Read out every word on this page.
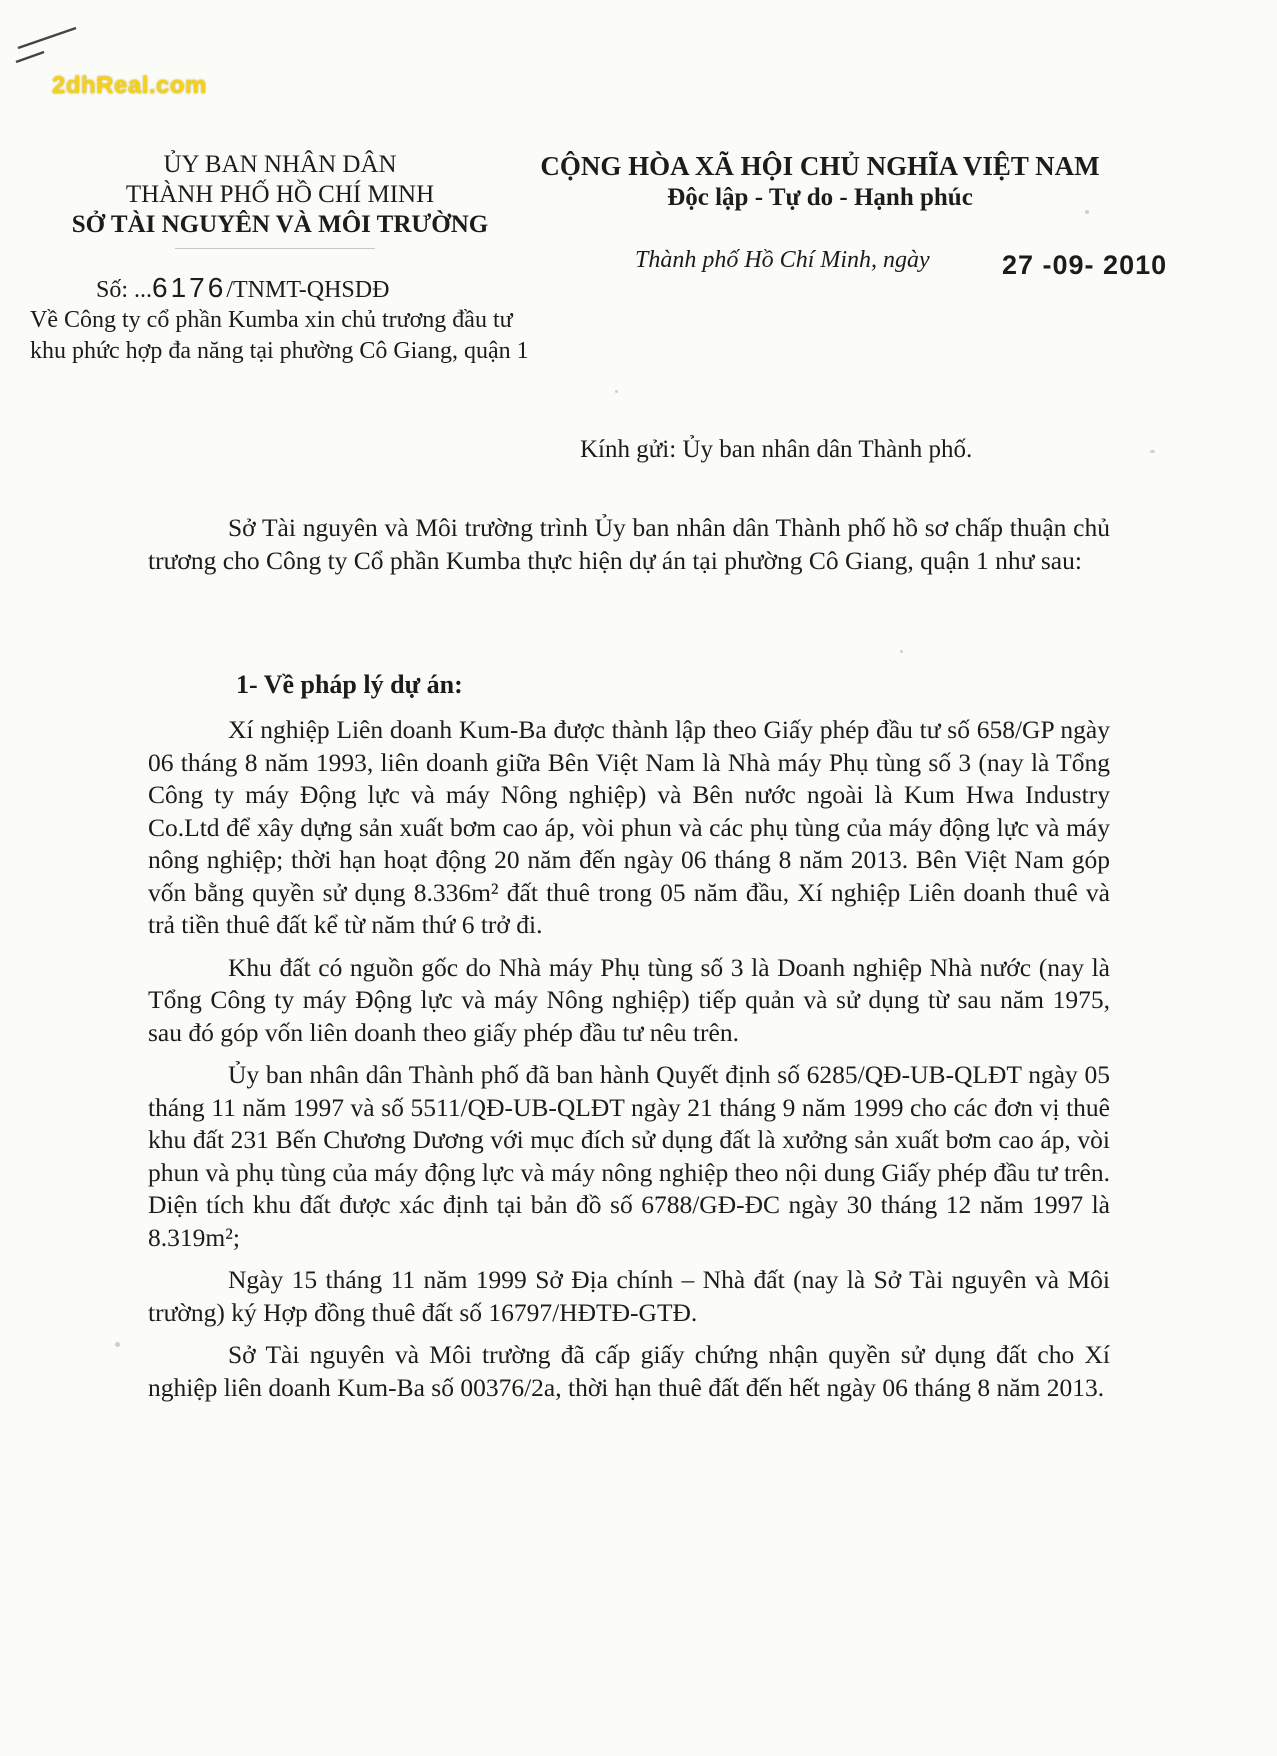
2dhReal.com
ỦY BAN NHÂN DÂN
THÀNH PHỐ HỒ CHÍ MINH
SỞ TÀI NGUYÊN VÀ MÔI TRƯỜNG
CỘNG HÒA XÃ HỘI CHỦ NGHĨA VIỆT NAM
Độc lập - Tự do - Hạnh phúc
Thành phố Hồ Chí Minh, ngày	27 -09- 2010
Số: ...6176/TNMT-QHSDĐ
Về Công ty cổ phần Kumba xin chủ trương đầu tư khu phức hợp đa năng tại phường Cô Giang, quận 1
Kính gửi: Ủy ban nhân dân Thành phố.

Sở Tài nguyên và Môi trường trình Ủy ban nhân dân Thành phố hồ sơ chấp thuận chủ trương cho Công ty Cổ phần Kumba thực hiện dự án tại phường Cô Giang, quận 1 như sau:

1- Về pháp lý dự án:

Xí nghiệp Liên doanh Kum-Ba được thành lập theo Giấy phép đầu tư số 658/GP ngày 06 tháng 8 năm 1993, liên doanh giữa Bên Việt Nam là Nhà máy Phụ tùng số 3 (nay là Tổng Công ty máy Động lực và máy Nông nghiệp) và Bên nước ngoài là Kum Hwa Industry Co.Ltd để xây dựng sản xuất bơm cao áp, vòi phun và các phụ tùng của máy động lực và máy nông nghiệp; thời hạn hoạt động 20 năm đến ngày 06 tháng 8 năm 2013. Bên Việt Nam góp vốn bằng quyền sử dụng 8.336m² đất thuê trong 05 năm đầu, Xí nghiệp Liên doanh thuê và trả tiền thuê đất kể từ năm thứ 6 trở đi.

Khu đất có nguồn gốc do Nhà máy Phụ tùng số 3 là Doanh nghiệp Nhà nước (nay là Tổng Công ty máy Động lực và máy Nông nghiệp) tiếp quản và sử dụng từ sau năm 1975, sau đó góp vốn liên doanh theo giấy phép đầu tư nêu trên.

Ủy ban nhân dân Thành phố đã ban hành Quyết định số 6285/QĐ-UB-QLĐT ngày 05 tháng 11 năm 1997 và số 5511/QĐ-UB-QLĐT ngày 21 tháng 9 năm 1999 cho các đơn vị thuê khu đất 231 Bến Chương Dương với mục đích sử dụng đất là xưởng sản xuất bơm cao áp, vòi phun và phụ tùng của máy động lực và máy nông nghiệp theo nội dung Giấy phép đầu tư trên. Diện tích khu đất được xác định tại bản đồ số 6788/GĐ-ĐC ngày 30 tháng 12 năm 1997 là 8.319m²;

Ngày 15 tháng 11 năm 1999 Sở Địa chính – Nhà đất (nay là Sở Tài nguyên và Môi trường) ký Hợp đồng thuê đất số 16797/HĐTĐ-GTĐ.

Sở Tài nguyên và Môi trường đã cấp giấy chứng nhận quyền sử dụng đất cho Xí nghiệp liên doanh Kum-Ba số 00376/2a, thời hạn thuê đất đến hết ngày 06 tháng 8 năm 2013.
